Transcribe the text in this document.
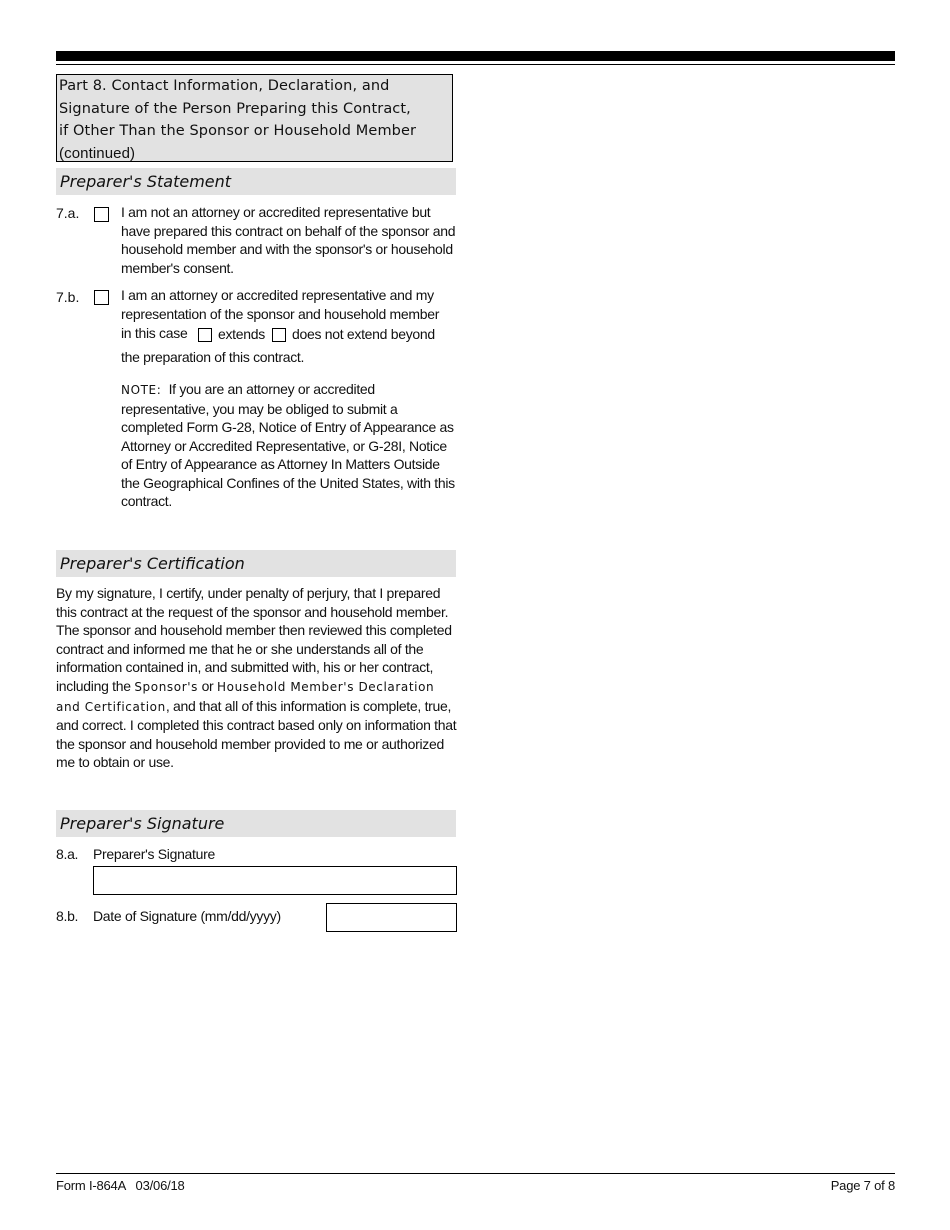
Part 8. Contact Information, Declaration, and
Signature of the Person Preparing this Contract,
if Other Than the Sponsor or Household Member
(continued)
Preparer's Statement
7.a.	I am not an attorney or accredited representative but have prepared this contract on behalf of the sponsor and household member and with the sponsor's or household member's consent.
7.b.	I am an attorney or accredited representative and my
representation of the sponsor and household member
in this case extends does not extend beyond
the preparation of this contract.
NOTE: If you are an attorney or accredited representative, you may be obliged to submit a completed Form G-28, Notice of Entry of Appearance as Attorney or Accredited Representative, or G-28I, Notice of Entry of Appearance as Attorney In Matters Outside the Geographical Confines of the United States, with this contract.
Preparer's Certification
By my signature, I certify, under penalty of perjury, that I prepared this contract at the request of the sponsor and household member. The sponsor and household member then reviewed this completed contract and informed me that he or she understands all of the information contained in, and submitted with, his or her contract, including the Sponsor's or Household Member's Declaration and Certification, and that all of this information is complete, true, and correct. I completed this contract based only on information that the sponsor and household member provided to me or authorized me to obtain or use.
Preparer's Signature
8.a. Preparer's Signature
8.b. Date of Signature (mm/dd/yyyy)
Form I-864A   03/06/18	Page 7 of 8
